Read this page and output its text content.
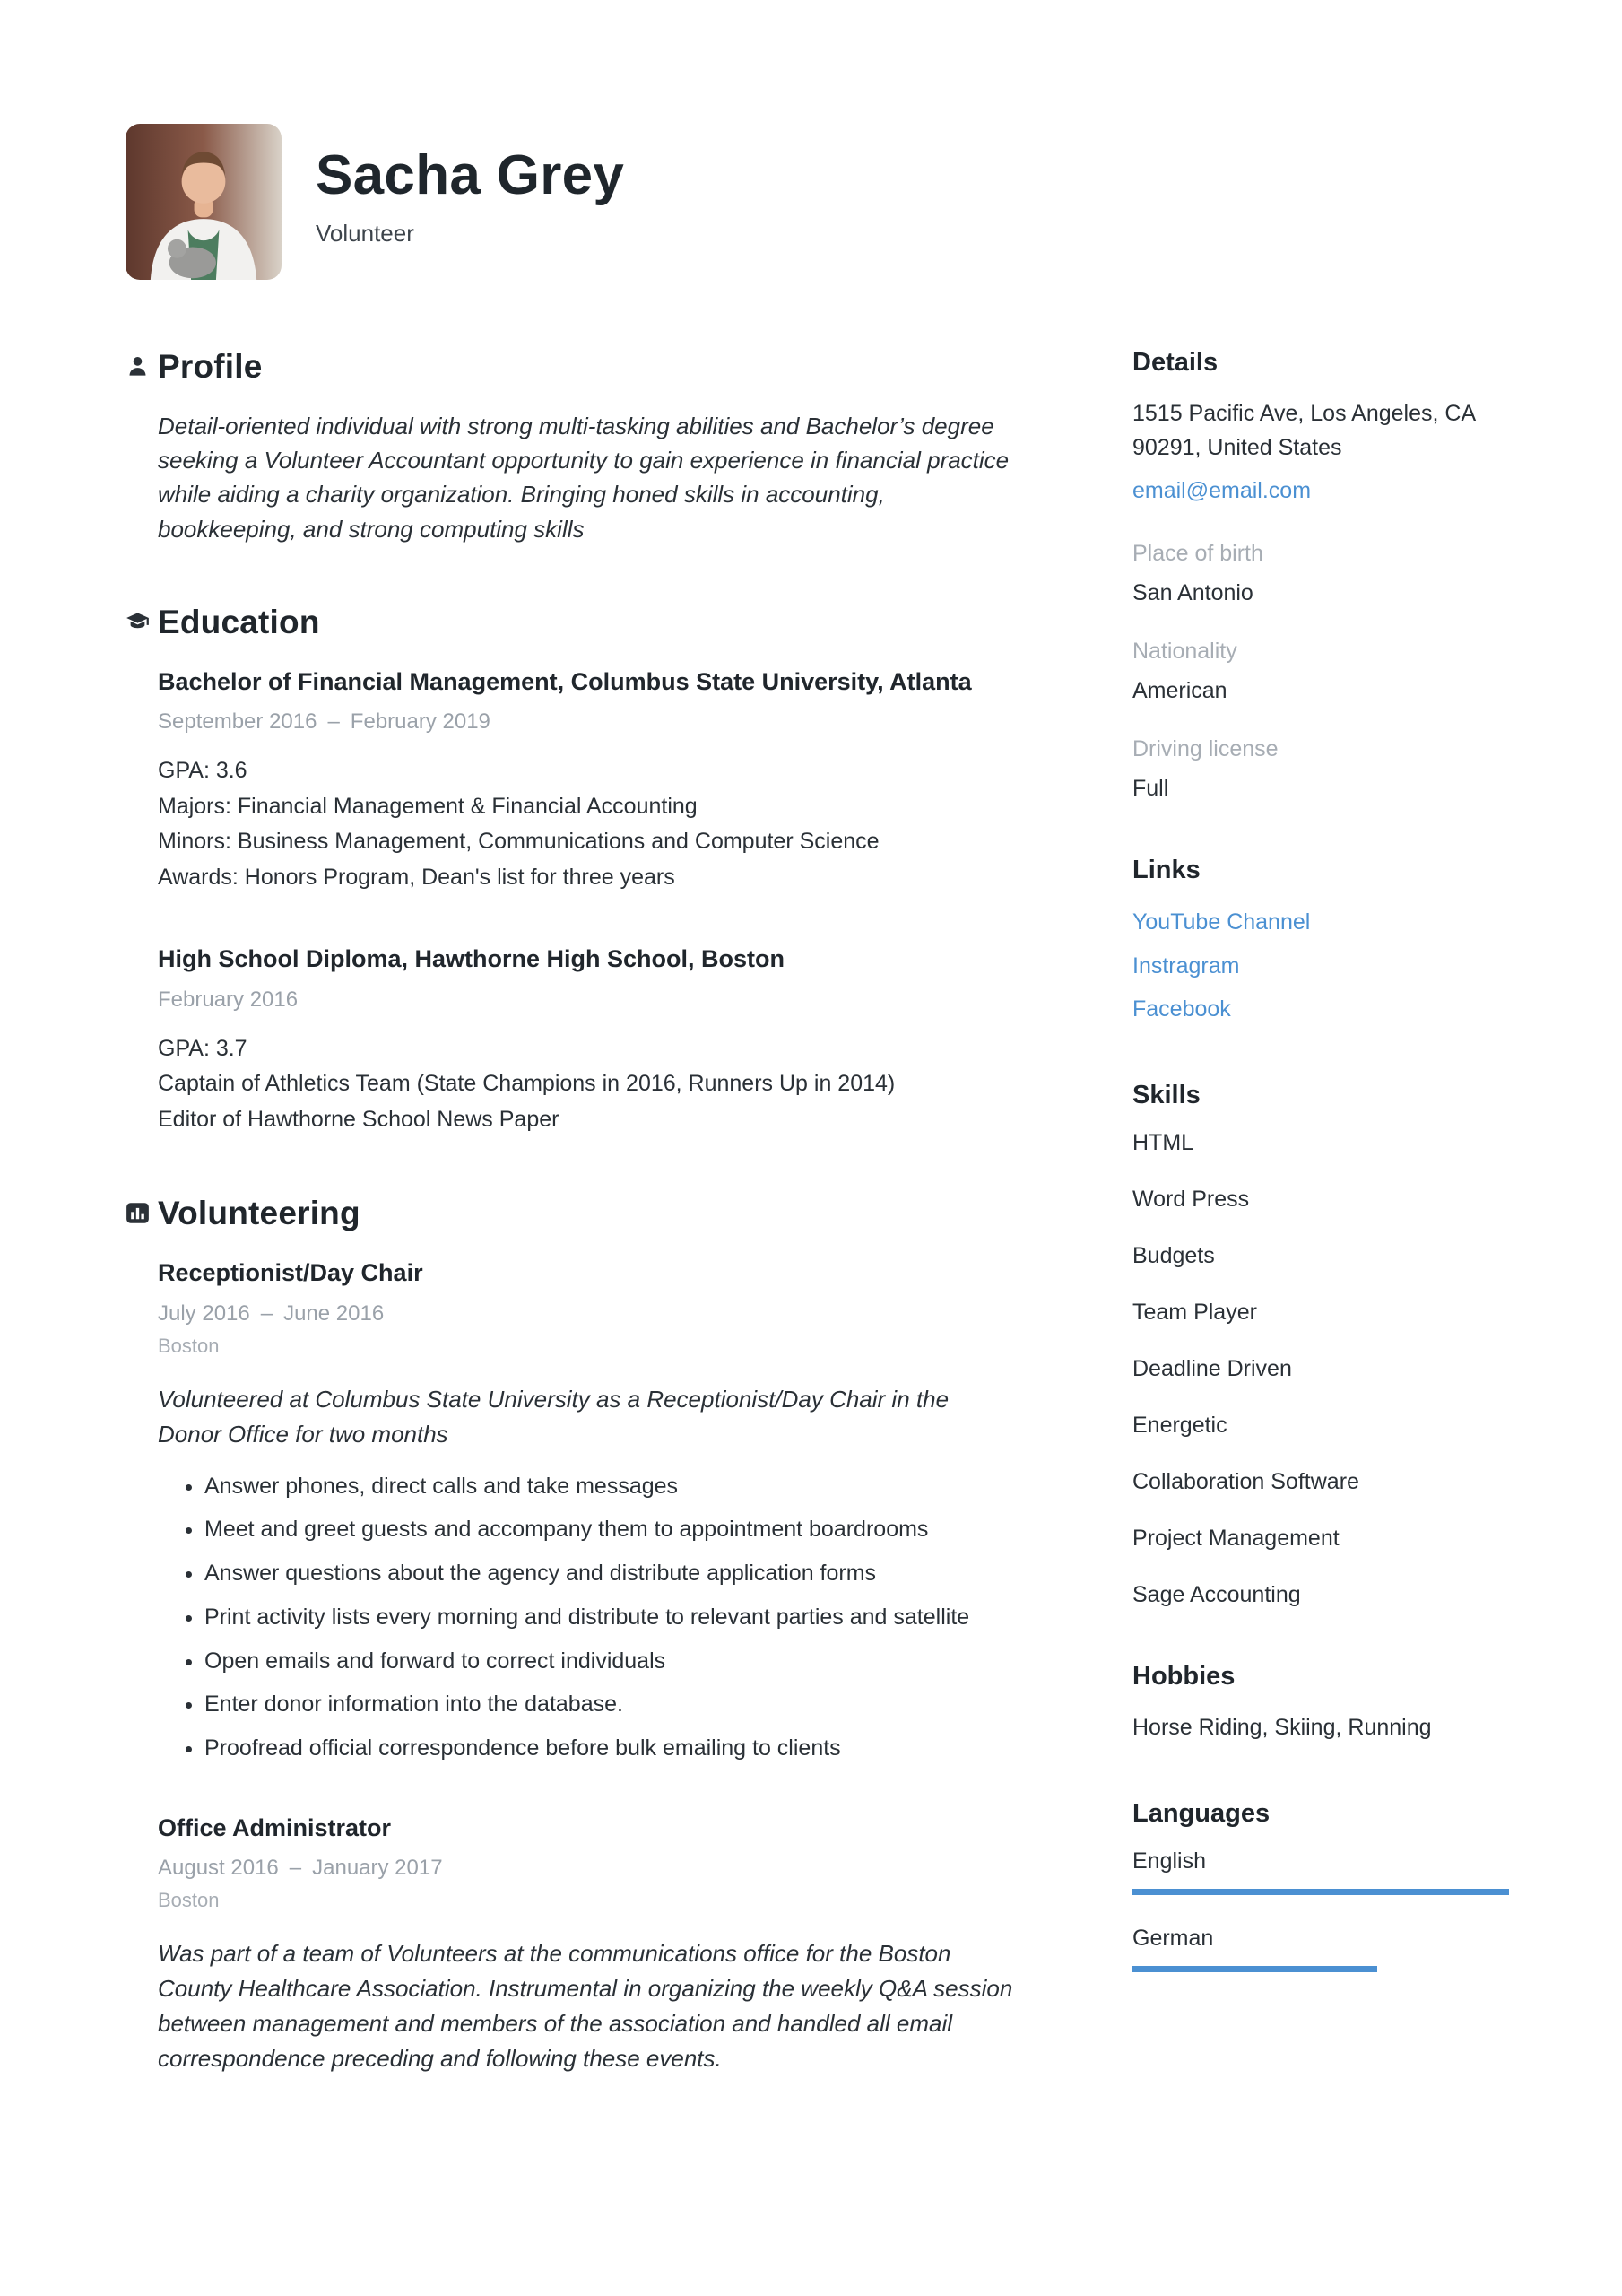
Sacha Grey
Volunteer
Profile

Detail-oriented individual with strong multi-tasking abilities and Bachelor’s degree seeking a Volunteer Accountant opportunity to gain experience in financial practice while aiding a charity organization. Bringing honed skills in accounting, bookkeeping, and strong computing skills

Education
Bachelor of Financial Management, Columbus State University, Atlanta
September 2016 – February 2019

GPA: 3.6

Majors: Financial Management & Financial Accounting

Minors: Business Management, Communications and Computer Science

Awards: Honors Program, Dean's list for three years

High School Diploma, Hawthorne High School, Boston
February 2016

GPA: 3.7

Captain of Athletics Team (State Champions in 2016, Runners Up in 2014)

Editor of Hawthorne School News Paper

Volunteering
Receptionist/Day Chair
July 2016 – June 2016
Boston

Volunteered at Columbus State University as a Receptionist/Day Chair in the Donor Office for two months

• Answer phones, direct calls and take messages
• Meet and greet guests and accompany them to appointment boardrooms
• Answer questions about the agency and distribute application forms
• Print activity lists every morning and distribute to relevant parties and satellite
• Open emails and forward to correct individuals
• Enter donor information into the database.
• Proofread official correspondence before bulk emailing to clients
Office Administrator
August 2016 – January 2017
Boston

Was part of a team of Volunteers at the communications office for the Boston County Healthcare Association. Instrumental in organizing the weekly Q&A session between management and members of the association and handled all email correspondence preceding and following these events.

Details
1515 Pacific Ave, Los Angeles, CA
90291, United States
email@email.com
Place of birth
San Antonio
Nationality
American
Driving license
Full
Links
YouTube Channel
Instragram
Facebook
Skills
HTML
Word Press
Budgets
Team Player
Deadline Driven
Energetic
Collaboration Software
Project Management
Sage Accounting
Hobbies
Horse Riding, Skiing, Running
Languages
English
German
